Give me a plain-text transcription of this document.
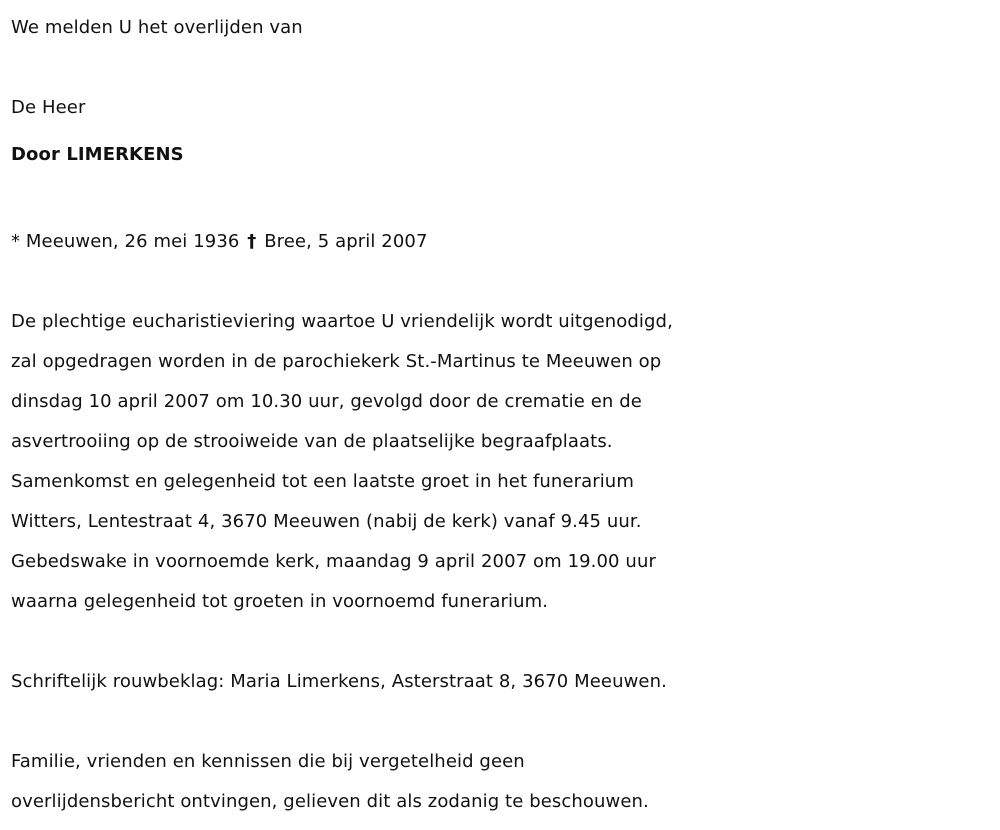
We melden U het overlijden van
De Heer
Door LIMERKENS
* Meeuwen, 26 mei 1936 † Bree, 5 april 2007
De plechtige eucharistieviering waartoe U vriendelijk wordt uitgenodigd,
zal opgedragen worden in de parochiekerk St.-Martinus te Meeuwen op
dinsdag 10 april 2007 om 10.30 uur, gevolgd door de crematie en de
asvertrooiing op de strooiweide van de plaatselijke begraafplaats.
Samenkomst en gelegenheid tot een laatste groet in het funerarium
Witters, Lentestraat 4, 3670 Meeuwen (nabij de kerk) vanaf 9.45 uur.
Gebedswake in voornoemde kerk, maandag 9 april 2007 om 19.00 uur
waarna gelegenheid tot groeten in voornoemd funerarium.
Schriftelijk rouwbeklag: Maria Limerkens, Asterstraat 8, 3670 Meeuwen.
Familie, vrienden en kennissen die bij vergetelheid geen
overlijdensbericht ontvingen, gelieven dit als zodanig te beschouwen.
